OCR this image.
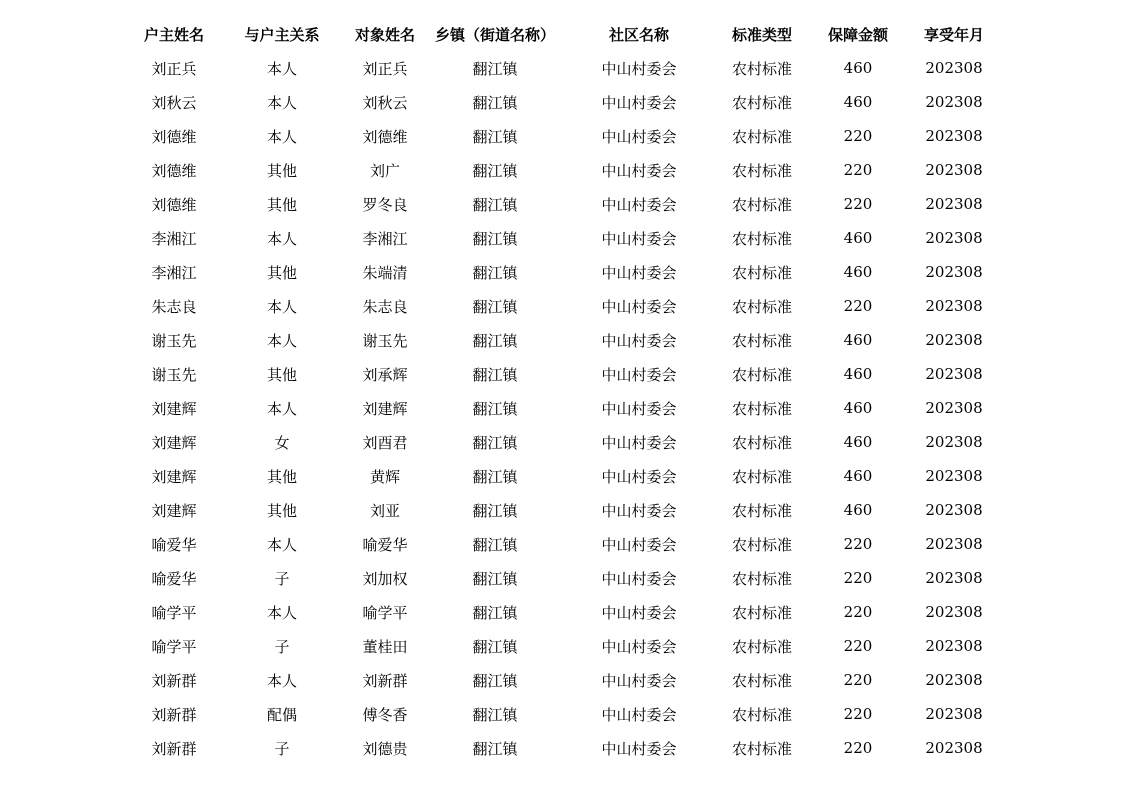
户主姓名	与户主关系	对象姓名	乡镇（街道名称）	社区名称	标准类型	保障金额	享受年月
刘正兵	本人	刘正兵	翻江镇	中山村委会	农村标准	460	202308
刘秋云	本人	刘秋云	翻江镇	中山村委会	农村标准	460	202308
刘德维	本人	刘德维	翻江镇	中山村委会	农村标准	220	202308
刘德维	其他	刘广	翻江镇	中山村委会	农村标准	220	202308
刘德维	其他	罗冬良	翻江镇	中山村委会	农村标准	220	202308
李湘江	本人	李湘江	翻江镇	中山村委会	农村标准	460	202308
李湘江	其他	朱端清	翻江镇	中山村委会	农村标准	460	202308
朱志良	本人	朱志良	翻江镇	中山村委会	农村标准	220	202308
谢玉先	本人	谢玉先	翻江镇	中山村委会	农村标准	460	202308
谢玉先	其他	刘承辉	翻江镇	中山村委会	农村标准	460	202308
刘建辉	本人	刘建辉	翻江镇	中山村委会	农村标准	460	202308
刘建辉	女	刘酉君	翻江镇	中山村委会	农村标准	460	202308
刘建辉	其他	黄辉	翻江镇	中山村委会	农村标准	460	202308
刘建辉	其他	刘亚	翻江镇	中山村委会	农村标准	460	202308
喻爱华	本人	喻爱华	翻江镇	中山村委会	农村标准	220	202308
喻爱华	子	刘加权	翻江镇	中山村委会	农村标准	220	202308
喻学平	本人	喻学平	翻江镇	中山村委会	农村标准	220	202308
喻学平	子	董桂田	翻江镇	中山村委会	农村标准	220	202308
刘新群	本人	刘新群	翻江镇	中山村委会	农村标准	220	202308
刘新群	配偶	傅冬香	翻江镇	中山村委会	农村标准	220	202308
刘新群	子	刘德贵	翻江镇	中山村委会	农村标准	220	202308
